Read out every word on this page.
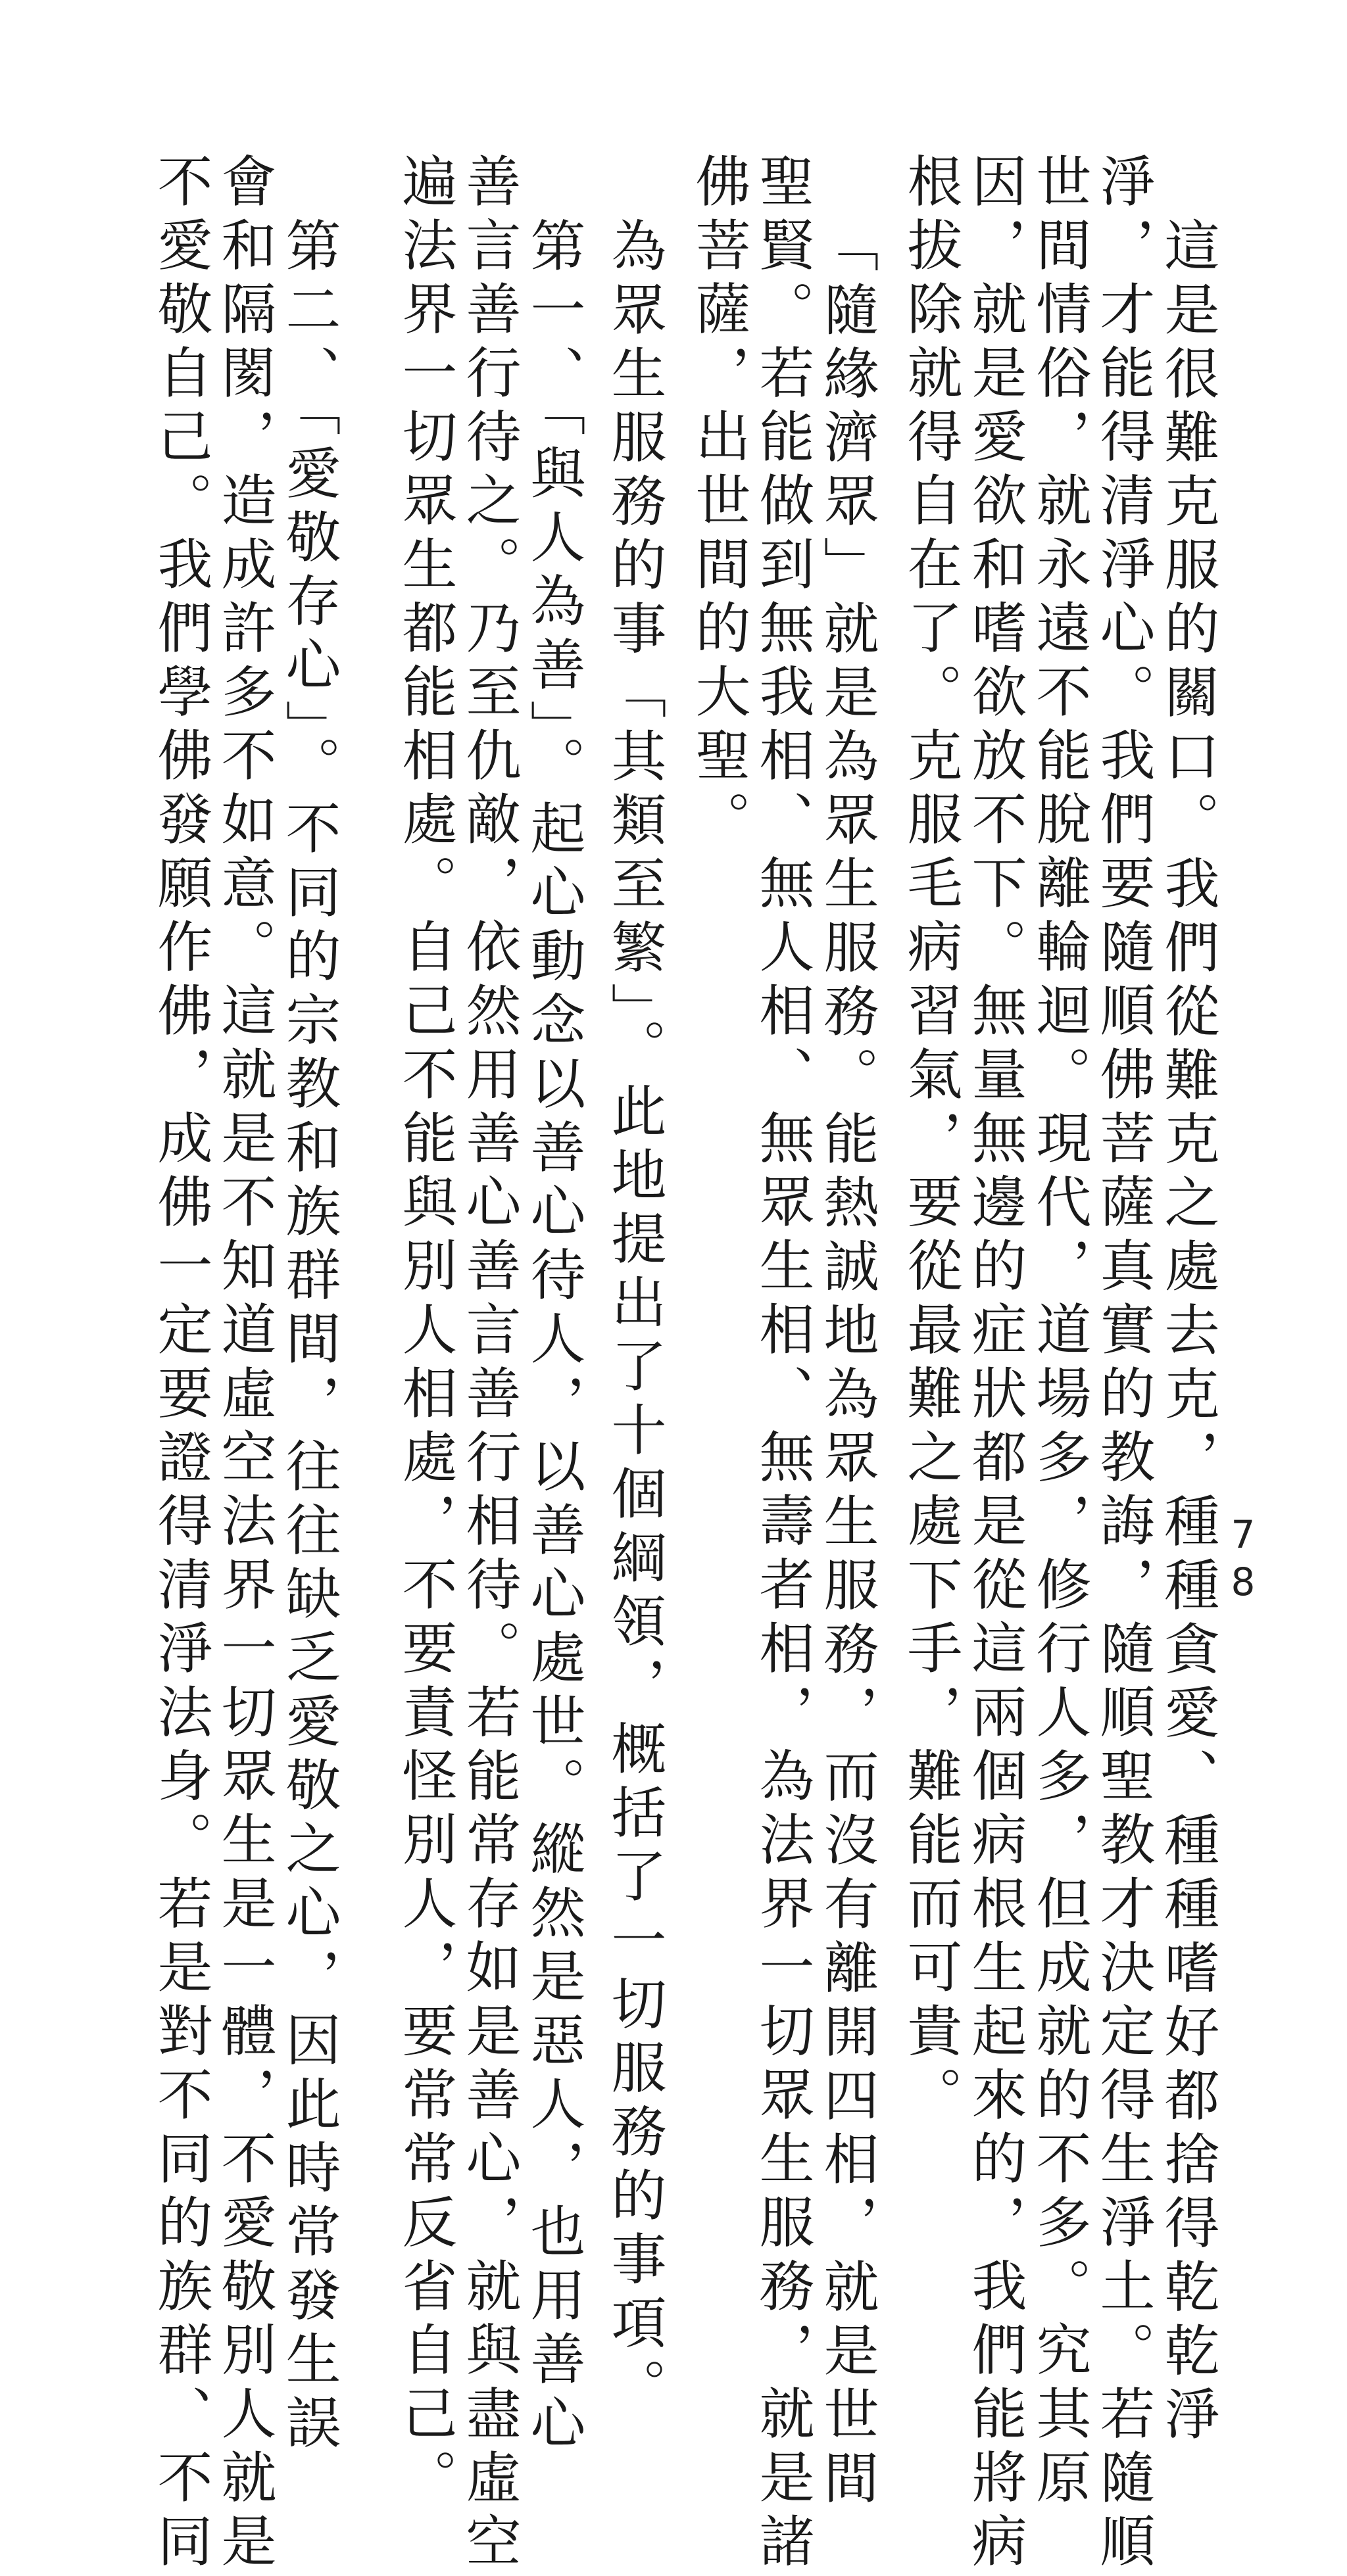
78
這是很難克服的關口。我們從難克之處去克，種種貪愛、種種嗜好都捨得乾乾淨
淨，才能得清淨心。我們要隨順佛菩薩真實的教誨，隨順聖教才決定得生淨土。若隨順
世間情俗，就永遠不能脫離輪迴。現代，道場多，修行人多，但成就的不多。究其原
因，就是愛欲和嗜欲放不下。無量無邊的症狀都是從這兩個病根生起來的，我們能將病
根拔除就得自在了。克服毛病習氣，要從最難之處下手，難能而可貴。
「隨緣濟眾」就是為眾生服務。能熱誠地為眾生服務，而沒有離開四相，就是世間
聖賢。若能做到無我相、無人相、無眾生相、無壽者相，為法界一切眾生服務，就是諸
佛菩薩，出世間的大聖。
為眾生服務的事「其類至繁」。此地提出了十個綱領，概括了一切服務的事項。
第一、「與人為善」。起心動念以善心待人，以善心處世。縱然是惡人，也用善心
善言善行待之。乃至仇敵，依然用善心善言善行相待。若能常存如是善心，就與盡虛空
遍法界一切眾生都能相處。自己不能與別人相處，不要責怪別人，要常常反省自己。
第二、「愛敬存心」。不同的宗教和族群間，往往缺乏愛敬之心，因此時常發生誤
會和隔閡，造成許多不如意。這就是不知道虛空法界一切眾生是一體，不愛敬別人就是
不愛敬自己。我們學佛發願作佛，成佛一定要證得清淨法身。若是對不同的族群、不同
